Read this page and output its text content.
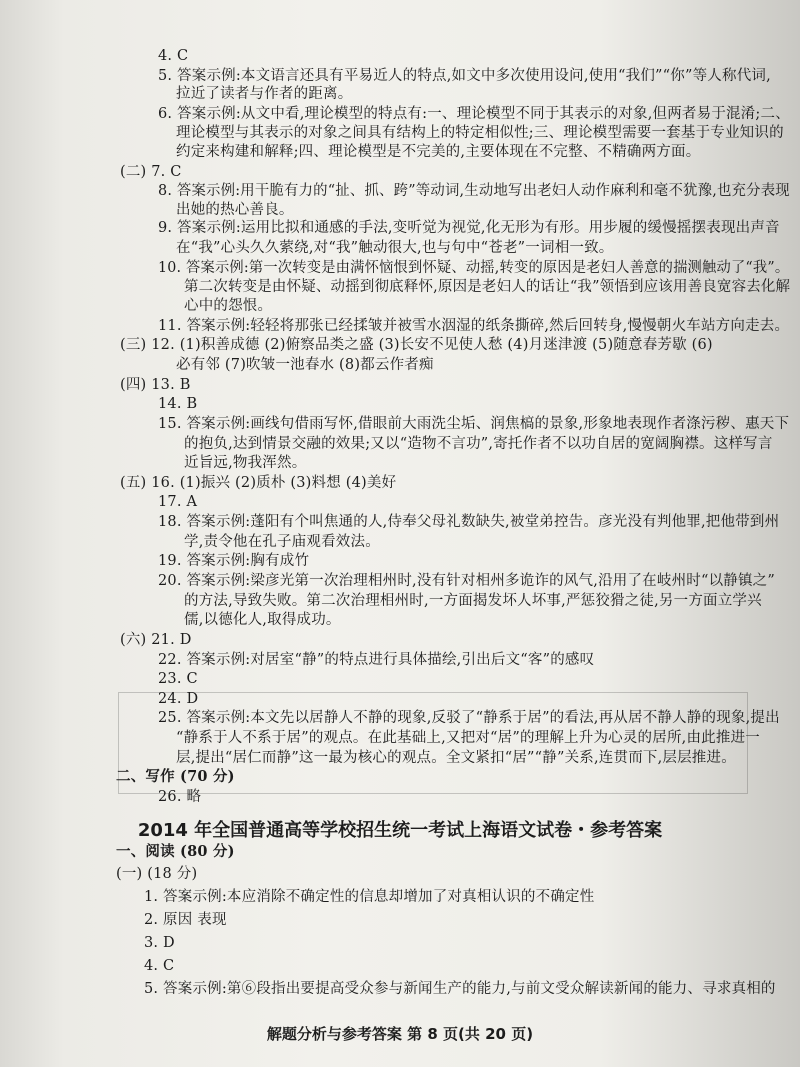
4. C
5. 答案示例:本文语言还具有平易近人的特点,如文中多次使用设问,使用“我们”“你”等人称代词,
拉近了读者与作者的距离。
6. 答案示例:从文中看,理论模型的特点有:一、理论模型不同于其表示的对象,但两者易于混淆;二、
理论模型与其表示的对象之间具有结构上的特定相似性;三、理论模型需要一套基于专业知识的
约定来构建和解释;四、理论模型是不完美的,主要体现在不完整、不精确两方面。
(二) 7. C
8. 答案示例:用干脆有力的“扯、抓、跨”等动词,生动地写出老妇人动作麻利和毫不犹豫,也充分表现
出她的热心善良。
9. 答案示例:运用比拟和通感的手法,变听觉为视觉,化无形为有形。用步履的缓慢摇摆表现出声音
在“我”心头久久萦绕,对“我”触动很大,也与句中“苍老”一词相一致。
10. 答案示例:第一次转变是由满怀恼恨到怀疑、动摇,转变的原因是老妇人善意的揣测触动了“我”。
第二次转变是由怀疑、动摇到彻底释怀,原因是老妇人的话让“我”领悟到应该用善良宽容去化解
心中的怨恨。
11. 答案示例:轻轻将那张已经揉皱并被雪水洇湿的纸条撕碎,然后回转身,慢慢朝火车站方向走去。
(三) 12. (1)积善成德 (2)俯察品类之盛 (3)长安不见使人愁 (4)月迷津渡 (5)随意春芳歇 (6)
必有邻 (7)吹皱一池春水 (8)都云作者痴
(四) 13. B
14. B
15. 答案示例:画线句借雨写怀,借眼前大雨洗尘垢、润焦槁的景象,形象地表现作者涤污秽、惠天下
的抱负,达到情景交融的效果;又以“造物不言功”,寄托作者不以功自居的宽阔胸襟。这样写言
近旨远,物我浑然。
(五) 16. (1)振兴 (2)质朴 (3)料想 (4)美好
17. A
18. 答案示例:蓬阳有个叫焦通的人,侍奉父母礼数缺失,被堂弟控告。彦光没有判他罪,把他带到州
学,责令他在孔子庙观看效法。
19. 答案示例:胸有成竹
20. 答案示例:梁彦光第一次治理相州时,没有针对相州多诡诈的风气,沿用了在岐州时“以静镇之”
的方法,导致失败。第二次治理相州时,一方面揭发坏人坏事,严惩狡猾之徒,另一方面立学兴
儒,以德化人,取得成功。
(六) 21. D
22. 答案示例:对居室“静”的特点进行具体描绘,引出后文“客”的感叹
23. C
24. D
25. 答案示例:本文先以居静人不静的现象,反驳了“静系于居”的看法,再从居不静人静的现象,提出
“静系于人不系于居”的观点。在此基础上,又把对“居”的理解上升为心灵的居所,由此推进一
层,提出“居仁而静”这一最为核心的观点。全文紧扣“居”“静”关系,连贯而下,层层推进。
二、写作 (70 分)
26. 略
一、阅读 (80 分)
(一) (18 分)
1. 答案示例:本应消除不确定性的信息却增加了对真相认识的不确定性
2. 原因 表现
3. D
4. C
5. 答案示例:第⑥段指出要提高受众参与新闻生产的能力,与前文受众解读新闻的能力、寻求真相的
2014 年全国普通高等学校招生统一考试上海语文试卷・参考答案
解题分析与参考答案 第 8 页(共 20 页)
